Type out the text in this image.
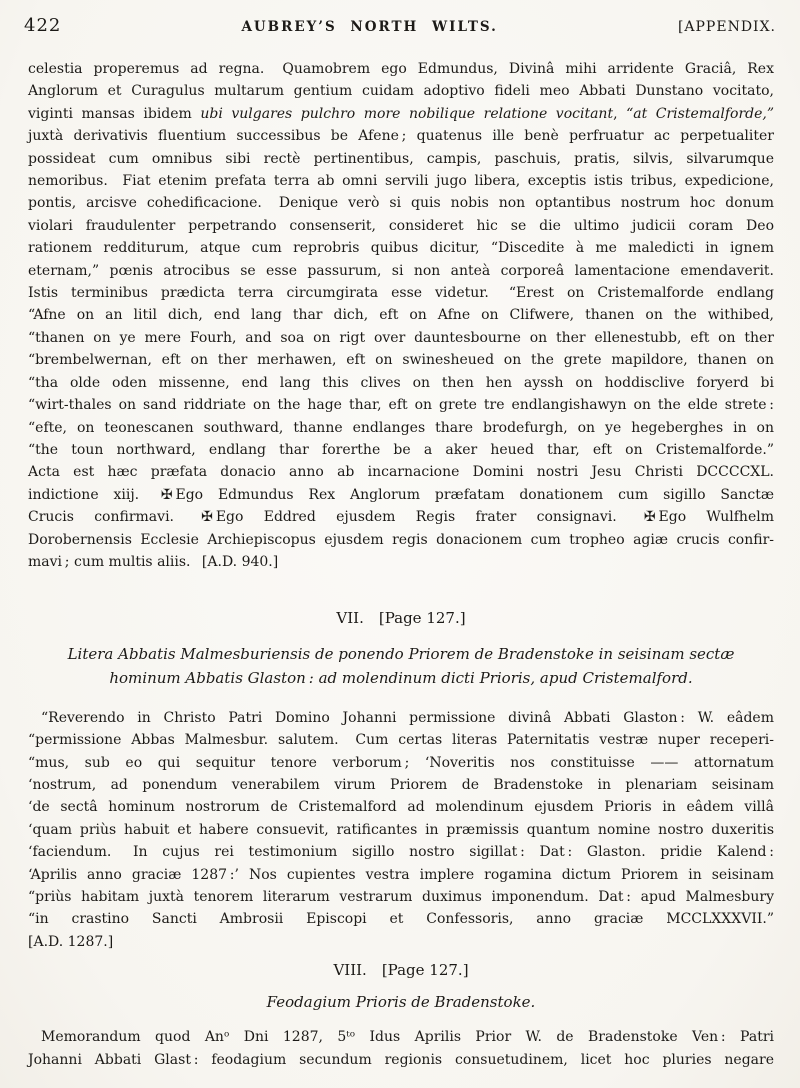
422	AUBREY’S NORTH WILTS.	[APPENDIX.
celestia properemus ad regna.  Quamobrem ego Edmundus, Divinâ mihi arridente Graciâ, Rex
Anglorum et Curagulus multarum gentium cuidam adoptivo fideli meo Abbati Dunstano vocitato,
viginti mansas ibidem ubi vulgares pulchro more nobilique relatione vocitant, “at Cristemalforde,”
juxtà derivativis fluentium successibus be Afene ; quatenus ille benè perfruatur ac perpetualiter
possideat cum omnibus sibi rectè pertinentibus, campis, paschuis, pratis, silvis, silvarumque
nemoribus.  Fiat etenim prefata terra ab omni servili jugo libera, exceptis istis tribus, expedicione,
pontis, arcisve cohedificacione.  Denique verò si quis nobis non optantibus nostrum hoc donum
violari fraudulenter perpetrando consenserit, consideret hic se die ultimo judicii coram Deo
rationem redditurum, atque cum reprobris quibus dicitur, “Discedite à me maledicti in ignem
eternam,” pœnis atrocibus se esse passurum, si non anteà corporeâ lamentacione emendaverit.
Istis terminibus prædicta terra circumgirata esse videtur.  “Erest on Cristemalforde endlang
“Afne on an litil dich, end lang thar dich, eft on Afne on Clifwere, thanen on the withibed,
“thanen on ye mere Fourh, and soa on rigt over dauntesbourne on ther ellenestubb, eft on ther
“brembelwernan, eft on ther merhawen, eft on swinesheued on the grete mapildore, thanen on
“tha olde oden missenne, end lang this clives on then hen ayssh on hoddisclive foryerd bi
“wirt-thales on sand riddriate on the hage thar, eft on grete tre endlangishawyn on the elde strete :
“efte, on teonescanen southward, thanne endlanges thare brodefurgh, on ye hegeberghes in on
“the toun northward, endlang thar forerthe be a aker heued thar, eft on Cristemalforde.”
Acta est hæc præfata donacio anno ab incarnacione Domini nostri Jesu Christi DCCCCXL.
indictione xiij.  ✠ Ego Edmundus Rex Anglorum præfatam donationem cum sigillo Sanctæ
Crucis confirmavi.  ✠ Ego Eddred ejusdem Regis frater consignavi.  ✠ Ego Wulfhelm
Dorobernensis Ecclesie Archiepiscopus ejusdem regis donacionem cum tropheo agiæ crucis confir-
mavi ; cum multis aliis.  [A.D. 940.]
VII.  [Page 127.]
Litera Abbatis Malmesburiensis de ponendo Priorem de Bradenstoke in seisinam sectæ
hominum Abbatis Glaston : ad molendinum dicti Prioris, apud Cristemalford.
“Reverendo in Christo Patri Domino Johanni permissione divinâ Abbati Glaston : W. eâdem
“permissione Abbas Malmesbur. salutem.  Cum certas literas Paternitatis vestræ nuper receperi-
“mus, sub eo qui sequitur tenore verborum ; ‘Noveritis nos constituisse —— attornatum
‘nostrum, ad ponendum venerabilem virum Priorem de Bradenstoke in plenariam seisinam
‘de sectâ hominum nostrorum de Cristemalford ad molendinum ejusdem Prioris in eâdem villâ
‘quam priùs habuit et habere consuevit, ratificantes in præmissis quantum nomine nostro duxeritis
‘faciendum.  In cujus rei testimonium sigillo nostro sigillat : Dat : Glaston. pridie Kalend :
‘Aprilis anno graciæ 1287 :’ Nos cupientes vestra implere rogamina dictum Priorem in seisinam
“priùs habitam juxtà tenorem literarum vestrarum duximus imponendum. Dat : apud Malmesbury
“in crastino Sancti Ambrosii Episcopi et Confessoris, anno graciæ MCCLXXXVII.”
[A.D. 1287.]
VIII.  [Page 127.]
Feodagium Prioris de Bradenstoke.
Memorandum quod Anᵒ Dni 1287, 5ᵗᵒ Idus Aprilis Prior W. de Bradenstoke Ven : Patri
Johanni Abbati Glast : feodagium secundum regionis consuetudinem, licet hoc pluries negare
